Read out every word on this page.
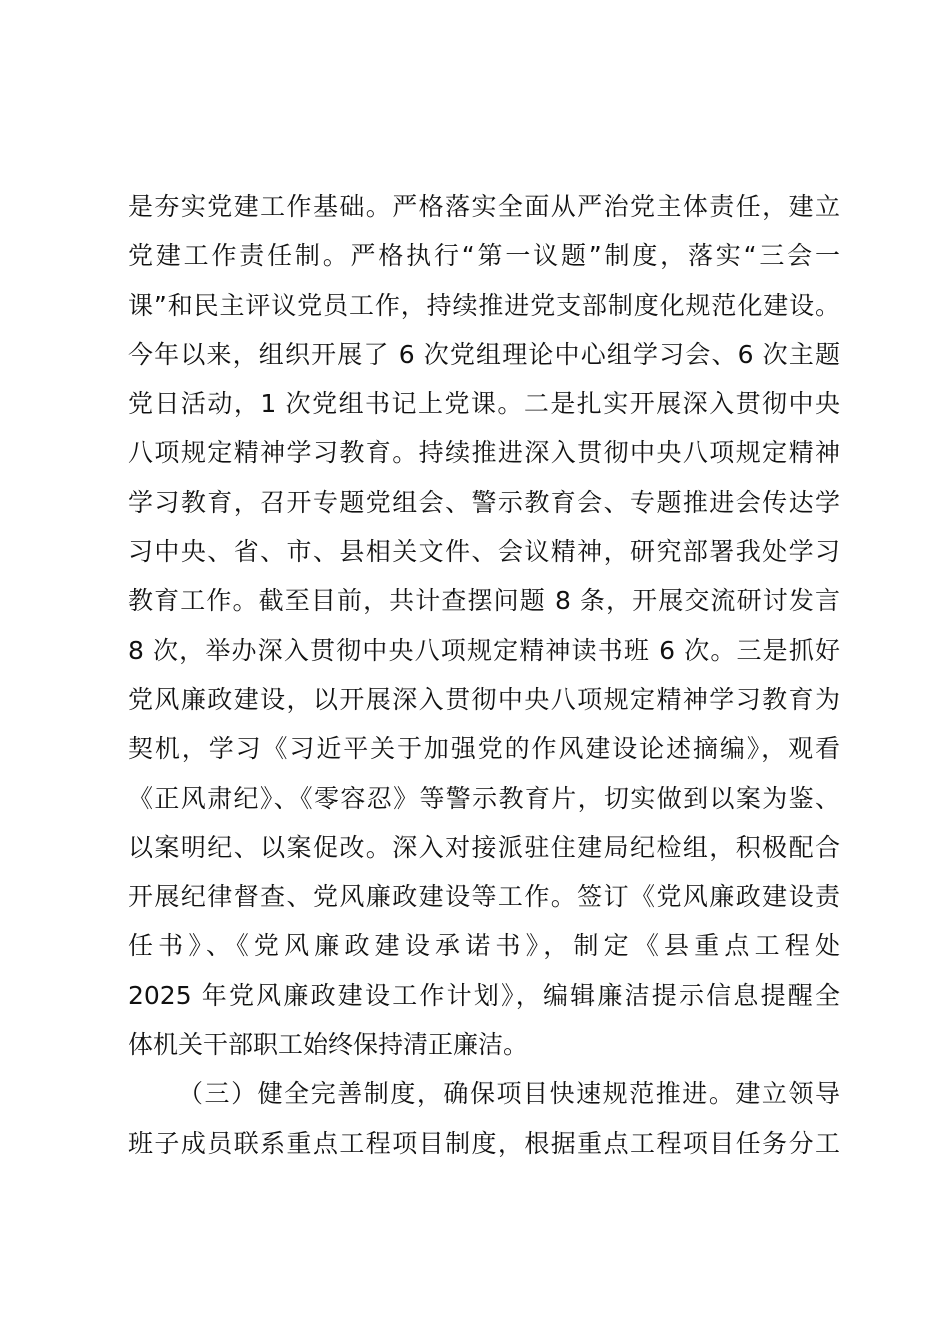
是夯实党建工作基础。严格落实全面从严治党主体责任，建立
党建工作责任制。严格执行“第一议题”制度，落实“三会一
课”和民主评议党员工作，持续推进党支部制度化规范化建设。
今年以来，组织开展了 6 次党组理论中心组学习会、6 次主题
党日活动，1 次党组书记上党课。二是扎实开展深入贯彻中央
八项规定精神学习教育。持续推进深入贯彻中央八项规定精神
学习教育，召开专题党组会、警示教育会、专题推进会传达学
习中央、省、市、县相关文件、会议精神，研究部署我处学习
教育工作。截至目前，共计查摆问题 8 条，开展交流研讨发言
8 次，举办深入贯彻中央八项规定精神读书班 6 次。三是抓好
党风廉政建设，以开展深入贯彻中央八项规定精神学习教育为
契机，学习《习近平关于加强党的作风建设论述摘编》，观看
《正风肃纪》、《零容忍》等警示教育片，切实做到以案为鉴、
以案明纪、以案促改。深入对接派驻住建局纪检组，积极配合
开展纪律督查、党风廉政建设等工作。签订《党风廉政建设责
任书》、《党风廉政建设承诺书》，制定《县重点工程处
2025 年党风廉政建设工作计划》，编辑廉洁提示信息提醒全
体机关干部职工始终保持清正廉洁。
（三）健全完善制度，确保项目快速规范推进。建立领导
班子成员联系重点工程项目制度，根据重点工程项目任务分工
